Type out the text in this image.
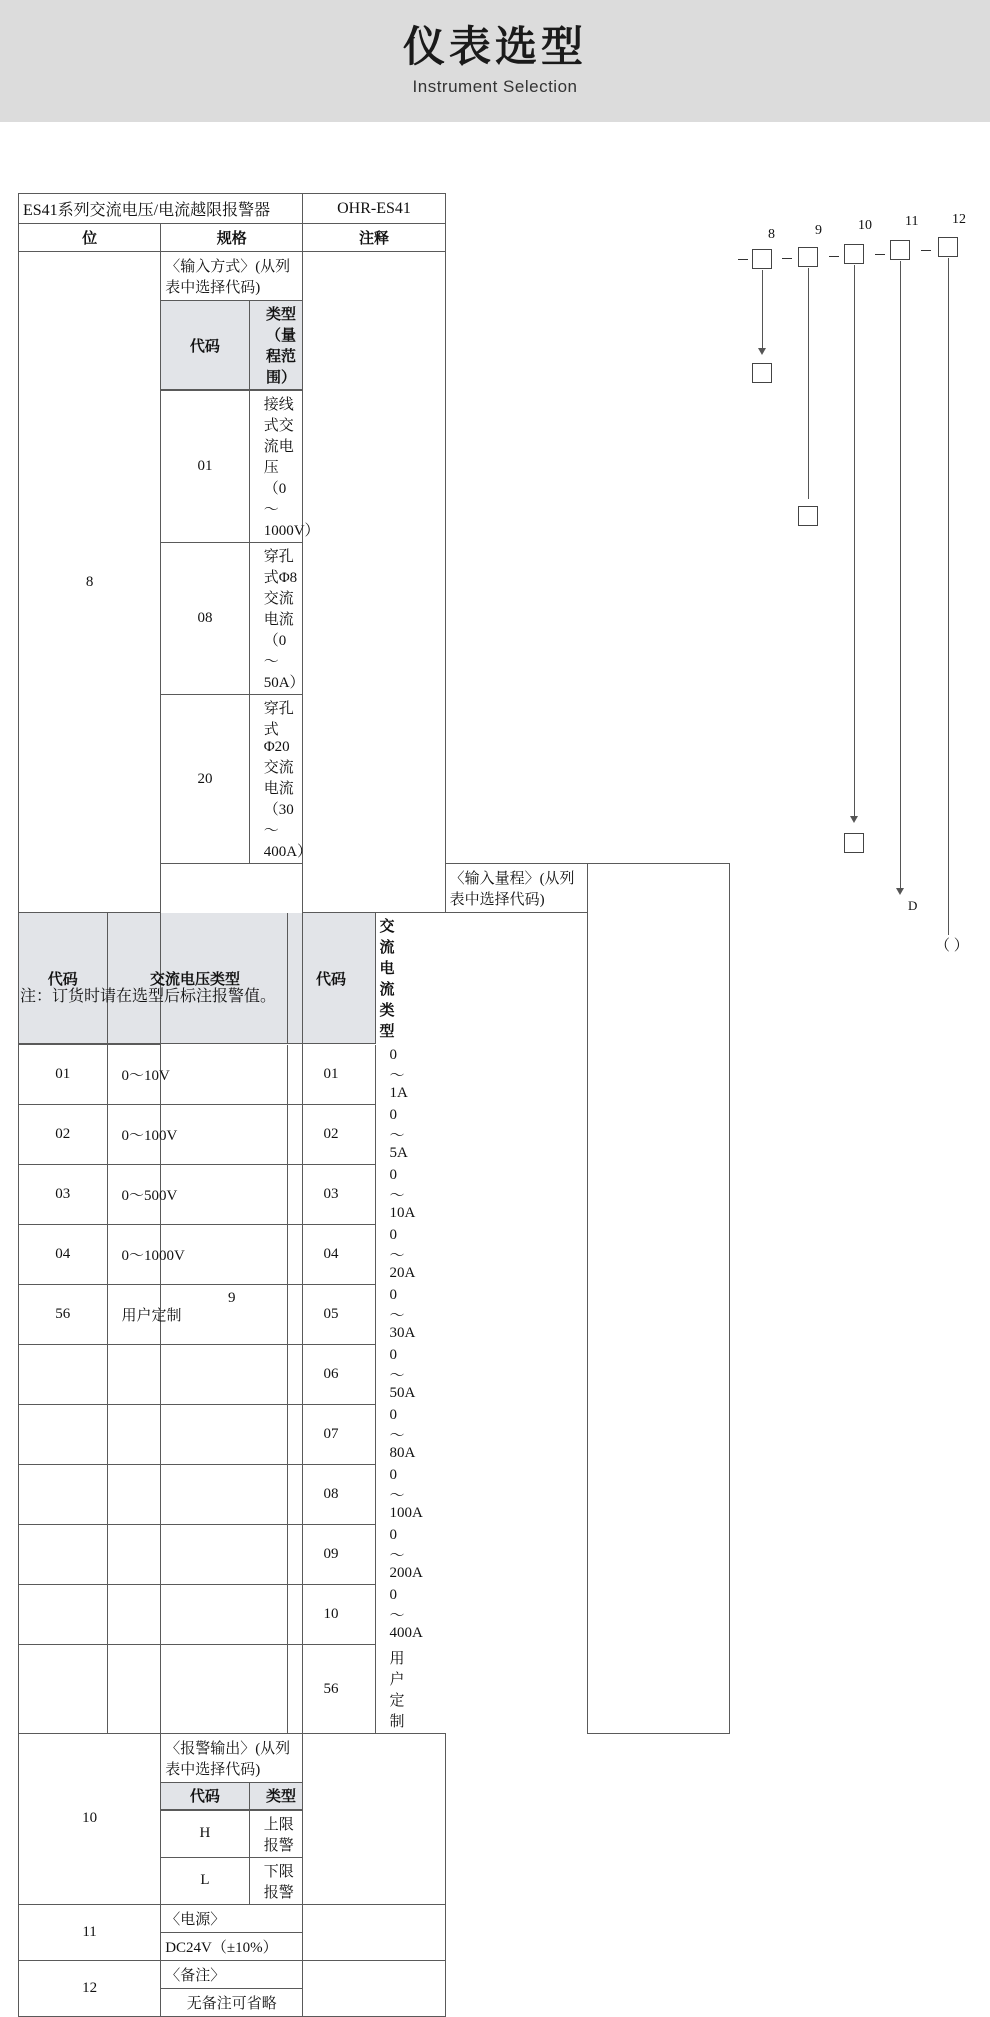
仪表选型
Instrument Selection
ES41系列交流电压/电流越限报警器	OHR-ES41
位	规格	注释
8	〈输入方式〉(从列表中选择代码)	

代码	类型（量程范围）

01	接线式交流电压（0～1000V）
08	穿孔式Φ8交流电流（0～50A）
20	穿孔式Φ20交流电流（30～400A）

9	〈输入量程〉(从列表中选择代码)	

代码	交流电压类型	代码	交流电流类型

01	0～10V	01	0～1A
02	0～100V	02	0～5A
03	0～500V	03	0～10A
04	0～1000V	04	0～20A
56	用户定制	05	0～30A
		06	0～50A
		07	0～80A
		08	0～100A
		09	0～200A
		10	0～400A
		56	用户定制

10	〈报警输出〉(从列表中选择代码)	

代码	类型

H	上限报警
L	下限报警

11	〈电源〉	
DC24V（±10%）
12	〈备注〉	
无备注可省略
8	9	10 11 12
D
（ ）
注：订货时请在选型后标注报警值。
